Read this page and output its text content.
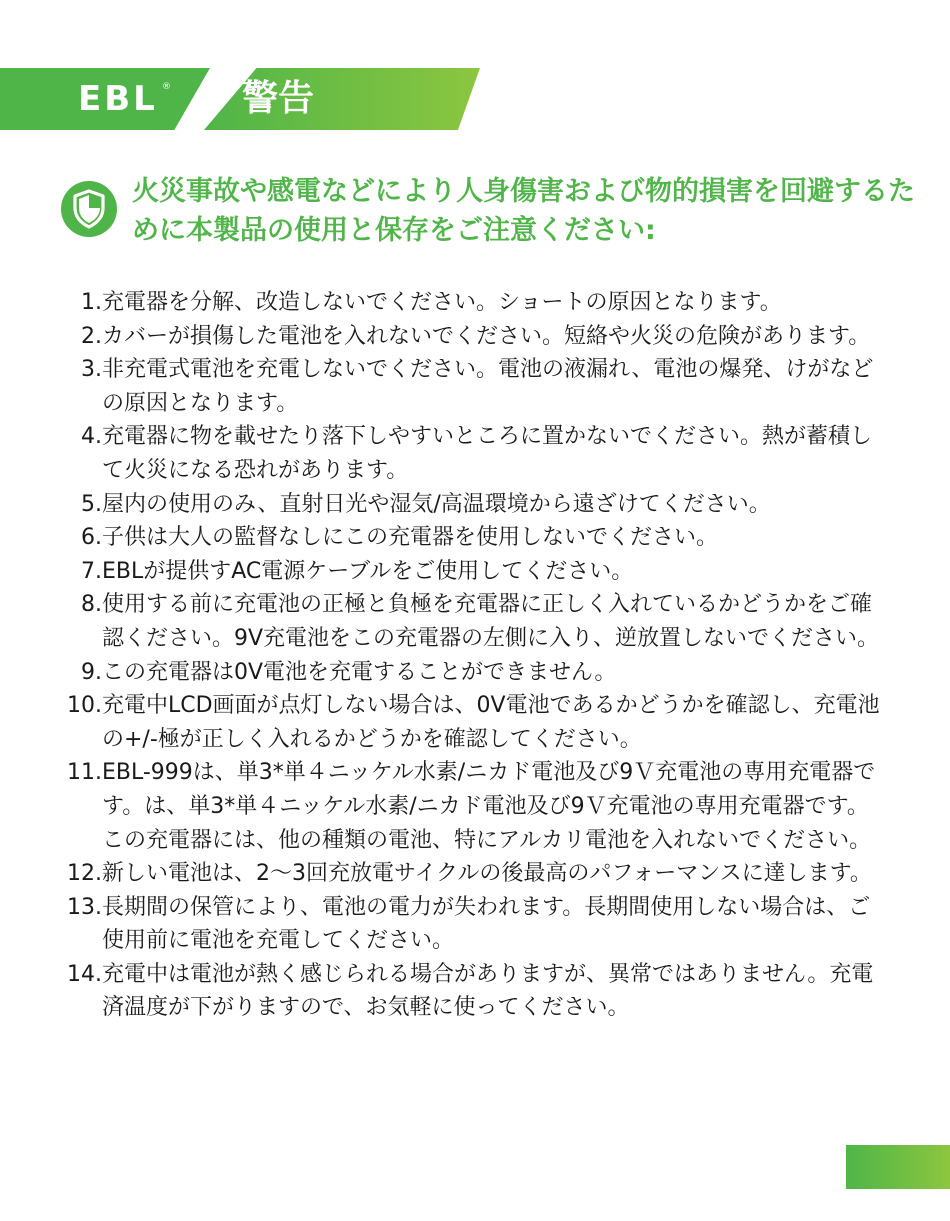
EBL ® 警告
火災事故や感電などにより人身傷害および物的損害を回避するために本製品の使用と保存をご注意ください:
1. 充電器を分解、改造しないでください。ショートの原因となります。
2. カバーが損傷した電池を入れないでください。短絡や火災の危険があります。
3. 非充電式電池を充電しないでください。電池の液漏れ、電池の爆発、けがなどの原因となります。
4. 充電器に物を載せたり落下しやすいところに置かないでください。熱が蓄積して火災になる恐れがあります。
5. 屋内の使用のみ、直射日光や湿気/高温環境から遠ざけてください。
6. 子供は大人の監督なしにこの充電器を使用しないでください。
7. EBLが提供すAC電源ケーブルをご使用してください。
8. 使用する前に充電池の正極と負極を充電器に正しく入れているかどうかをご確認ください。9V充電池をこの充電器の左側に入り、逆放置しないでください。
9. この充電器は0V電池を充電することができません。
10. 充電中LCD画面が点灯しない場合は、0V電池であるかどうかを確認し、充電池の+/-極が正しく入れるかどうかを確認してください。
11. EBL-999は、単3*単４ニッケル水素/ニカド電池及び9Ｖ充電池の専用充電器です。は、単3*単４ニッケル水素/ニカド電池及び9Ｖ充電池の専用充電器です。この充電器には、他の種類の電池、特にアルカリ電池を入れないでください。
12. 新しい電池は、2〜3回充放電サイクルの後最高のパフォーマンスに達します。
13. 長期間の保管により、電池の電力が失われます。長期間使用しない場合は、ご使用前に電池を充電してください。
14. 充電中は電池が熱く感じられる場合がありますが、異常ではありません。充電済温度が下がりますので、お気軽に使ってください。
